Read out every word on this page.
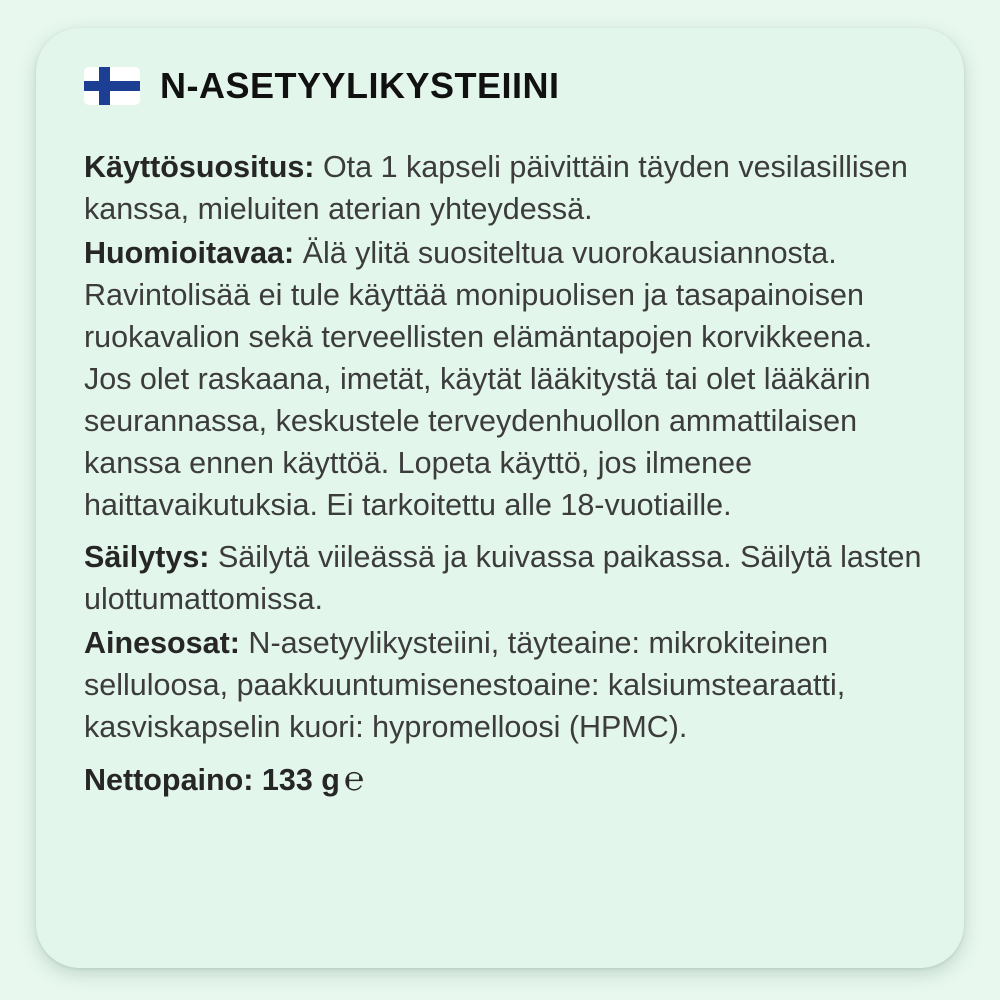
N-ASETYYLIKYSTEIINI

Käyttösuositus: Ota 1 kapseli päivittäin täyden vesilasillisen kanssa, mieluiten aterian yhteydessä.

Huomioitavaa: Älä ylitä suositeltua vuorokausiannosta. Ravintolisää ei tule käyttää monipuolisen ja tasapainoisen ruokavalion sekä terveellisten elämäntapojen korvikkeena. Jos olet raskaana, imetät, käytät lääkitystä tai olet lääkärin seurannassa, keskustele terveydenhuollon ammattilaisen kanssa ennen käyttöä. Lopeta käyttö, jos ilmenee haittavaikutuksia. Ei tarkoitettu alle 18-vuotiaille.

Säilytys: Säilytä viileässä ja kuivassa paikassa. Säilytä lasten ulottumattomissa.

Ainesosat: N-asetyylikysteiini, täyteaine: mikrokiteinen selluloosa, paakkuuntumisenestoaine: kalsiumstearaatti, kasviskapselin kuori: hypromelloosi (HPMC).

Nettopaino: 133 g ℮
